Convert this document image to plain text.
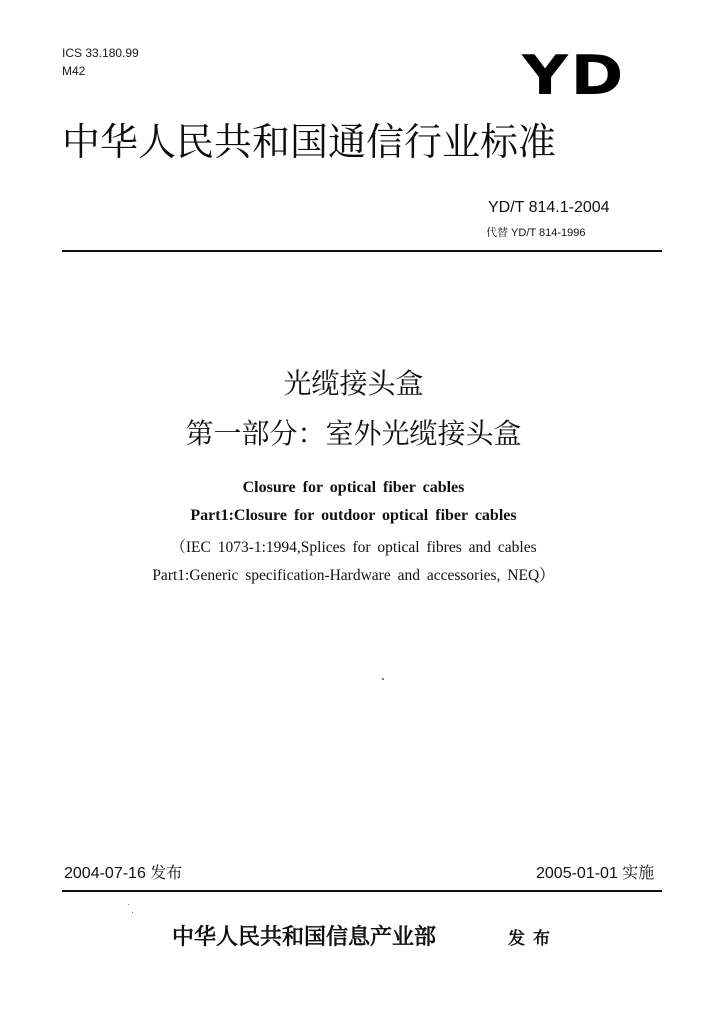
ICS 33.180.99
M42	YD
中华人民共和国通信行业标准
YD/T 814.1-2004
代替 YD/T 814-1996
光缆接头盒
第一部分：室外光缆接头盒
Closure for optical fiber cables
Part1:Closure for outdoor optical fiber cables
（IEC 1073-1:1994,Splices for optical fibres and cables
Part1:Generic specification-Hardware and accessories, NEQ）
2004-07-16 发布	2005-01-01 实施
中华人民共和国信息产业部	发布
